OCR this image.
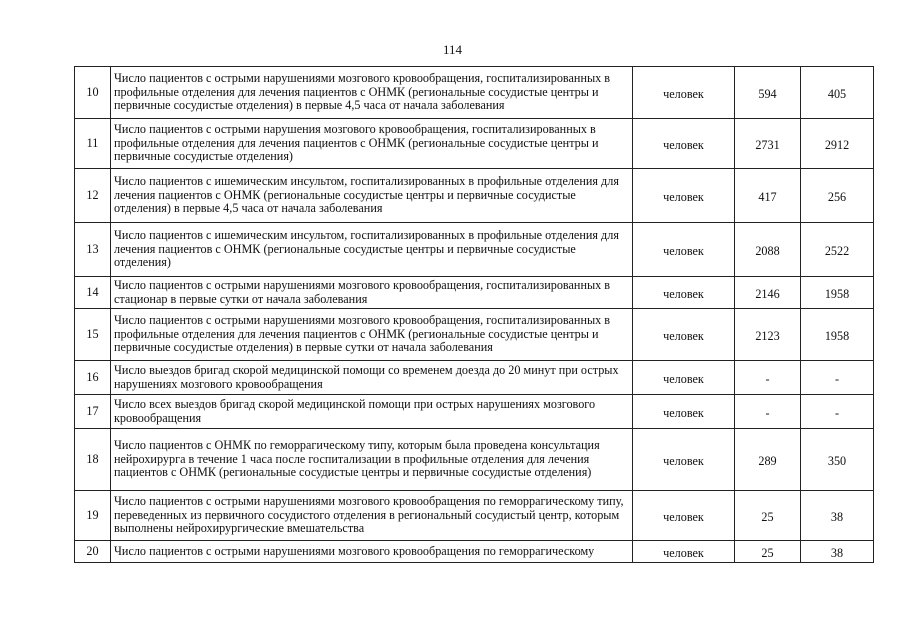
114
10	Число пациентов с острыми нарушениями мозгового кровообращения, госпитализированных в профильные отделения для лечения пациентов с ОНМК (региональные сосудистые центры и первичные сосудистые отделения) в первые 4,5 часа от начала заболевания	человек	594	405
11	Число пациентов с острыми нарушения мозгового кровообращения, госпитализированных в профильные отделения для лечения пациентов с ОНМК (региональные сосудистые центры и первичные сосудистые отделения)	человек	2731	2912
12	Число пациентов с ишемическим инсультом, госпитализированных в профильные отделения для лечения пациентов с ОНМК (региональные сосудистые центры и первичные сосудистые отделения) в первые 4,5 часа от начала заболевания	человек	417	256
13	Число пациентов с ишемическим инсультом, госпитализированных в профильные отделения для лечения пациентов с ОНМК (региональные сосудистые центры и первичные сосудистые отделения)	человек	2088	2522
14	Число пациентов с острыми нарушениями мозгового кровообращения, госпитализированных в стационар в первые сутки от начала заболевания	человек	2146	1958
15	Число пациентов с острыми нарушениями мозгового кровообращения, госпитализированных в профильные отделения для лечения пациентов с ОНМК (региональные сосудистые центры и первичные сосудистые отделения) в первые сутки от начала заболевания	человек	2123	1958
16	Число выездов бригад скорой медицинской помощи со временем доезда до 20 минут при острых нарушениях мозгового кровообращения	человек	-	-
17	Число всех выездов бригад скорой медицинской помощи при острых нарушениях мозгового кровообращения	человек	-	-
18	Число пациентов с ОНМК по геморрагическому типу, которым была проведена консультация нейрохирурга в течение 1 часа после госпитализации в профильные отделения для лечения пациентов с ОНМК (региональные сосудистые центры и первичные сосудистые отделения)	человек	289	350
19	Число пациентов с острыми нарушениями мозгового кровообращения по геморрагическому типу, переведенных из первичного сосудистого отделения в региональный сосудистый центр, которым выполнены нейрохирургические вмешательства	человек	25	38
20	Число пациентов с острыми нарушениями мозгового кровообращения по геморрагическому	человек	25	38
